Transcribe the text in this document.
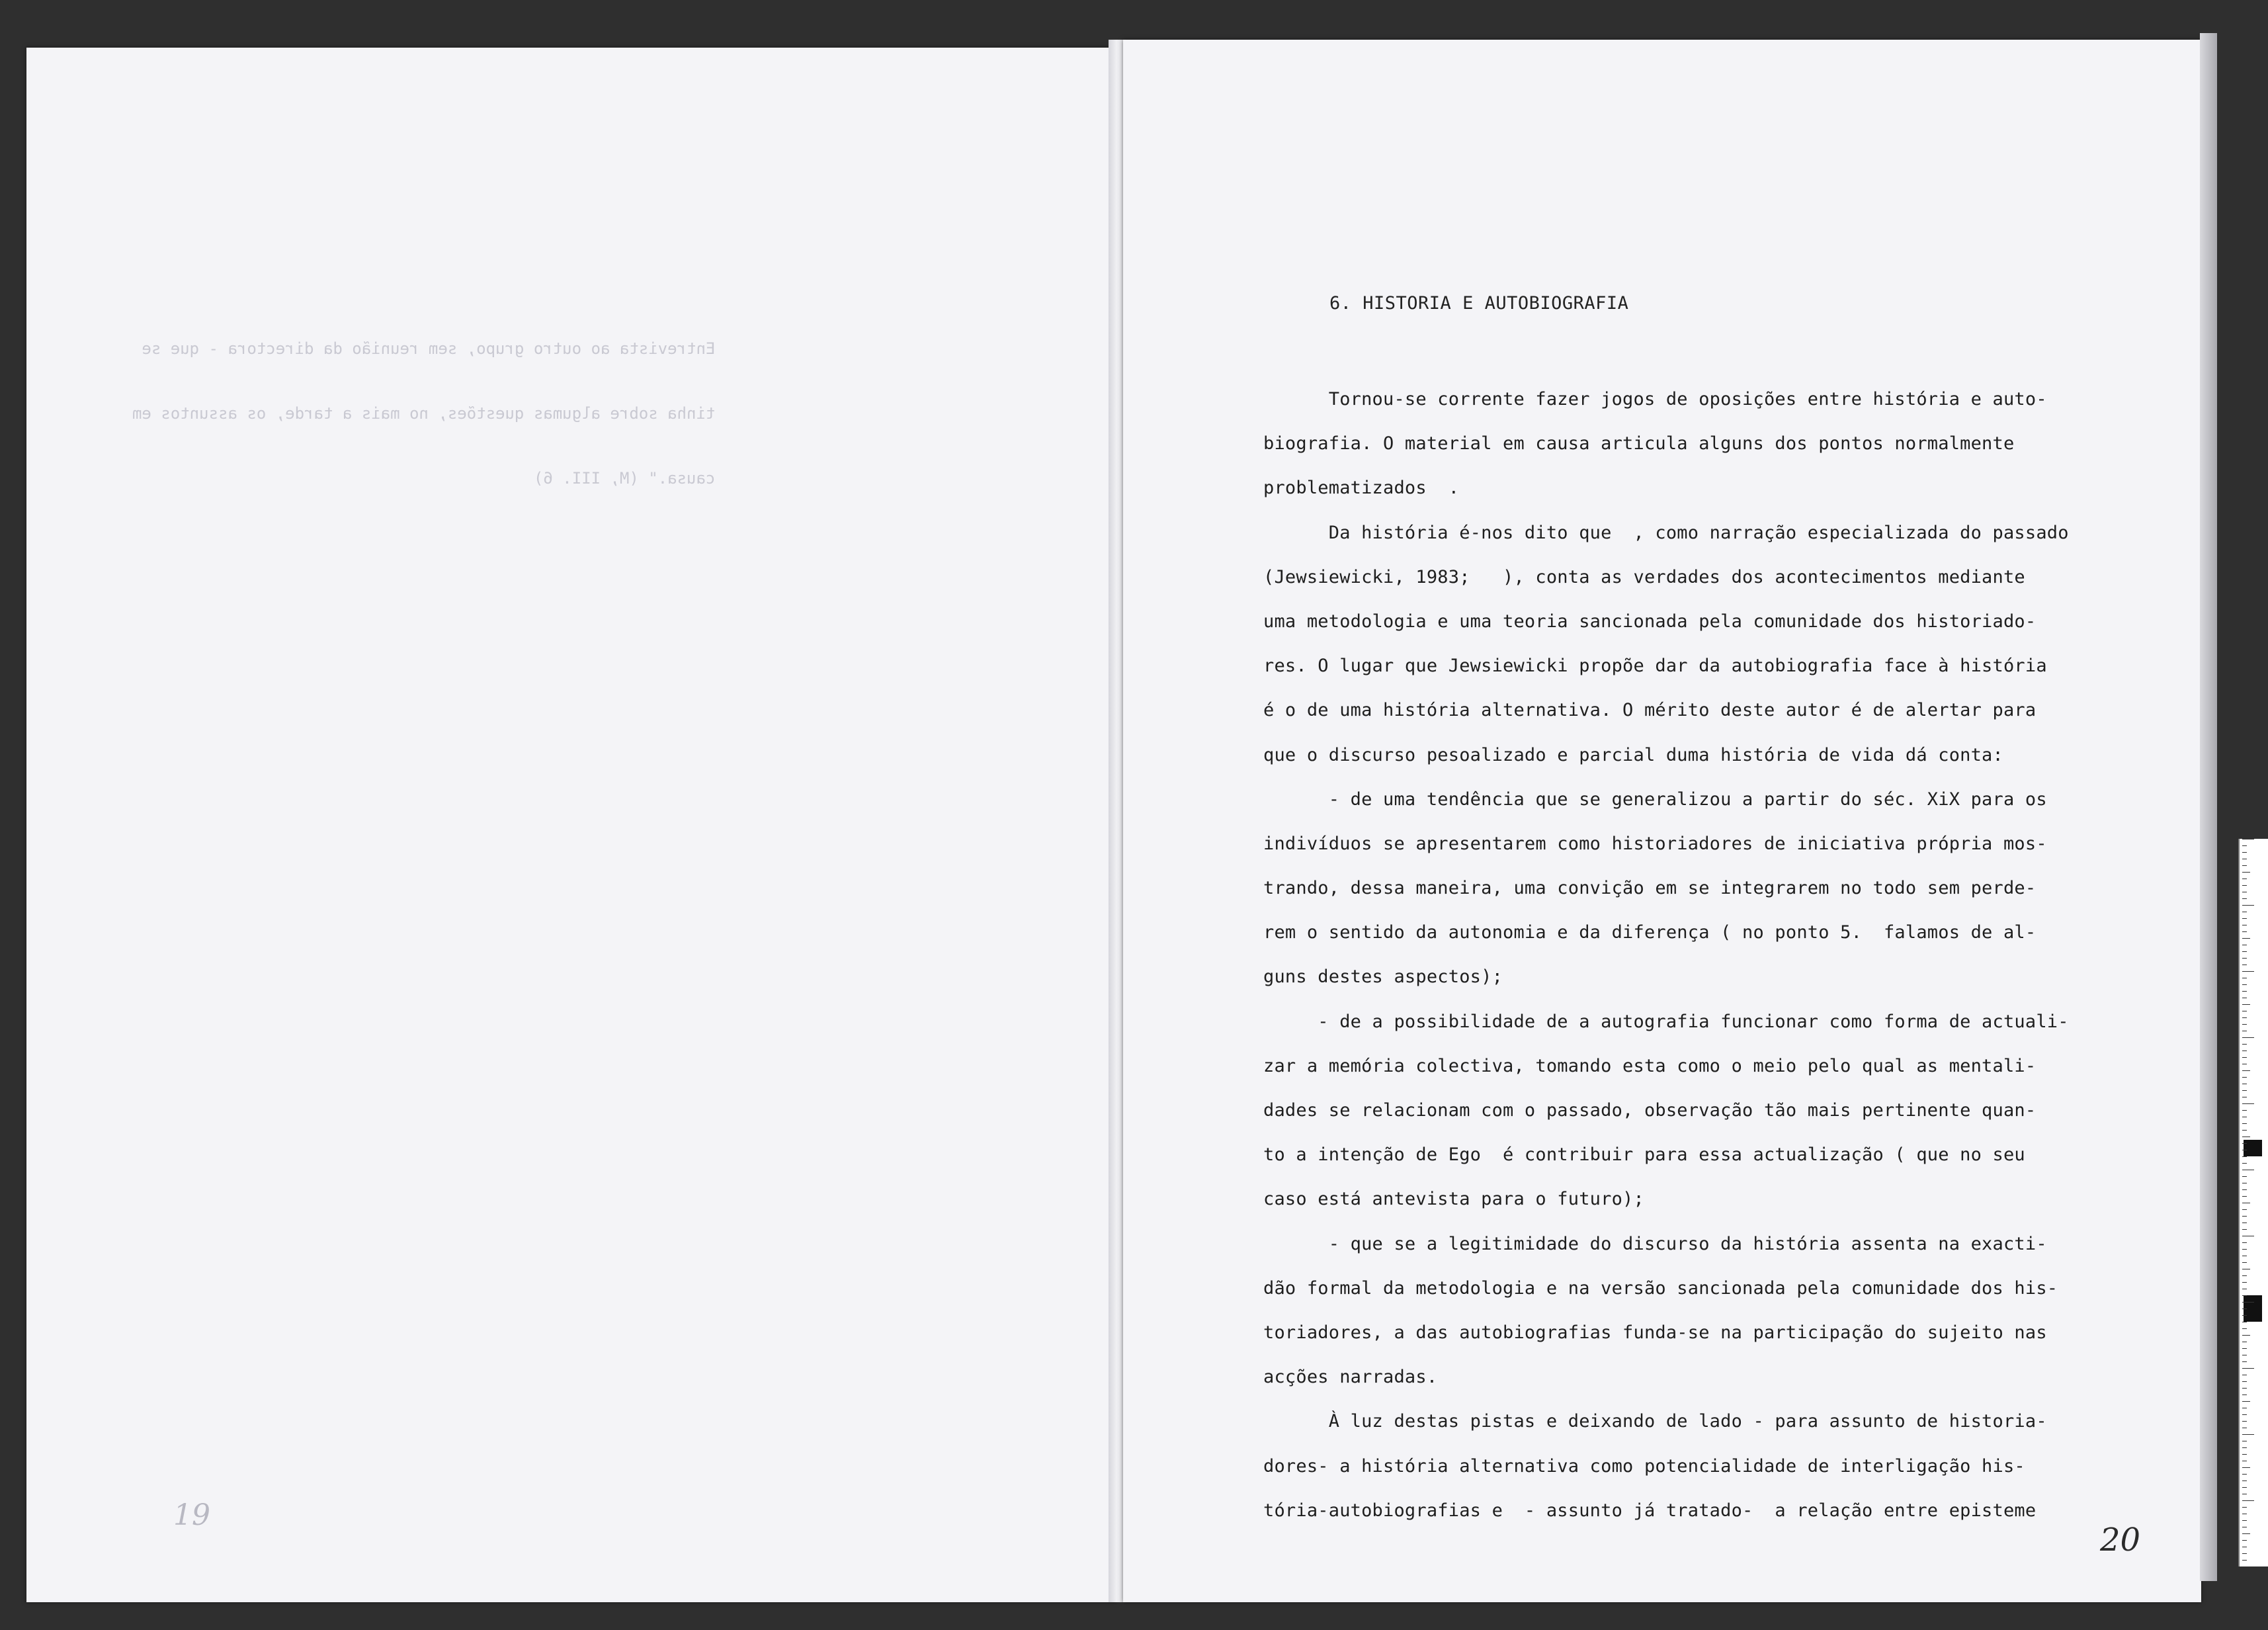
Entrevista ao outro grupo, sem reunião da directora - que se

tinha sobre algumas questões, no mais a tarde, os assuntos em

causa." (M, III. 6)

19
6. HISTORIA E AUTOBIOGRAFIA
Tornou-se corrente fazer jogos de oposições entre história e auto-
biografia. O material em causa articula alguns dos pontos normalmente
problematizados  .
Da história é-nos dito que  , como narração especializada do passado
(Jewsiewicki, 1983;   ), conta as verdades dos acontecimentos mediante
uma metodologia e uma teoria sancionada pela comunidade dos historiado-
res. O lugar que Jewsiewicki propõe dar da autobiografia face à história
é o de uma história alternativa. O mérito deste autor é de alertar para
que o discurso pesoalizado e parcial duma história de vida dá conta:
- de uma tendência que se generalizou a partir do séc. XiX para os
indivíduos se apresentarem como historiadores de iniciativa própria mos-
trando, dessa maneira, uma convição em se integrarem no todo sem perde-
rem o sentido da autonomia e da diferença ( no ponto 5.  falamos de al-
guns destes aspectos);
- de a possibilidade de a autografia funcionar como forma de actuali-
zar a memória colectiva, tomando esta como o meio pelo qual as mentali-
dades se relacionam com o passado, observação tão mais pertinente quan-
to a intenção de Ego  é contribuir para essa actualização ( que no seu
caso está antevista para o futuro);
- que se a legitimidade do discurso da história assenta na exacti-
dão formal da metodologia e na versão sancionada pela comunidade dos his-
toriadores, a das autobiografias funda-se na participação do sujeito nas
acções narradas.
À luz destas pistas e deixando de lado - para assunto de historia-
dores- a história alternativa como potencialidade de interligação his-
tória-autobiografias e  - assunto já tratado-  a relação entre episteme
20
